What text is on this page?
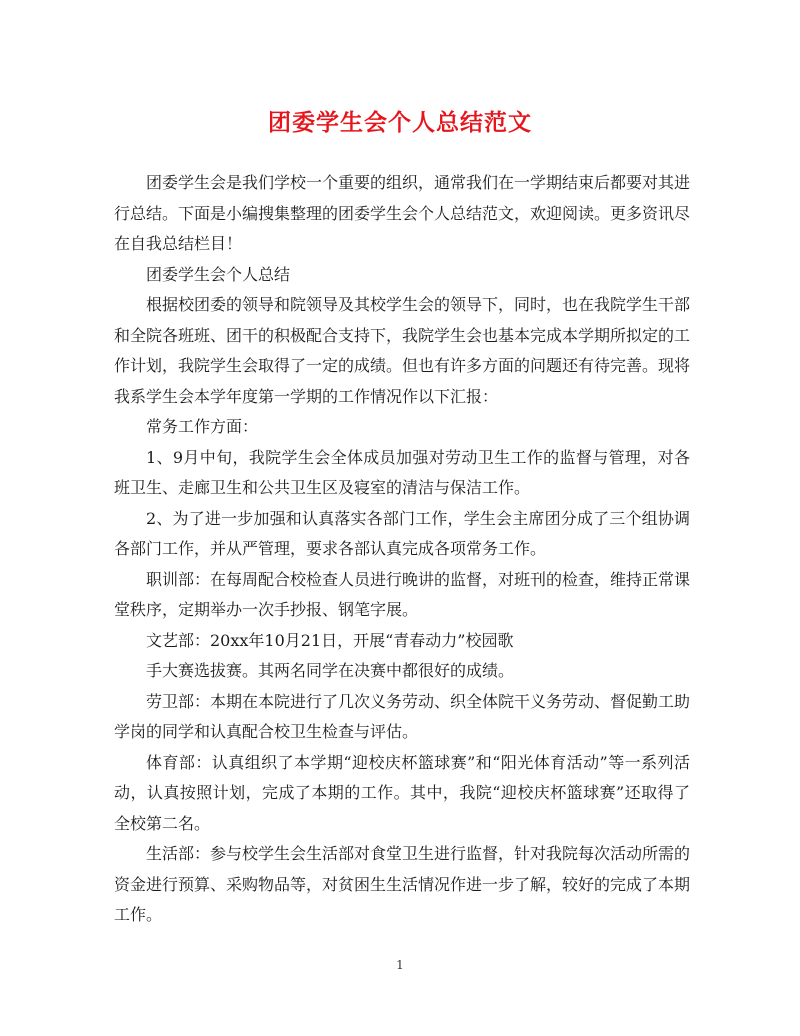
团委学生会个人总结范文

团委学生会是我们学校一个重要的组织，通常我们在一学期结束后都要对其进行总结。下面是小编搜集整理的团委学生会个人总结范文，欢迎阅读。更多资讯尽在自我总结栏目！

团委学生会个人总结

根据校团委的领导和院领导及其校学生会的领导下，同时，也在我院学生干部和全院各班班、团干的积极配合支持下，我院学生会也基本完成本学期所拟定的工作计划，我院学生会取得了一定的成绩。但也有许多方面的问题还有待完善。现将我系学生会本学年度第一学期的工作情况作以下汇报：

常务工作方面：

1、9月中旬，我院学生会全体成员加强对劳动卫生工作的监督与管理，对各班卫生、走廊卫生和公共卫生区及寝室的清洁与保洁工作。

2、为了进一步加强和认真落实各部门工作，学生会主席团分成了三个组协调各部门工作，并从严管理，要求各部认真完成各项常务工作。

职训部：在每周配合校检查人员进行晚讲的监督，对班刊的检查，维持正常课堂秩序，定期举办一次手抄报、钢笔字展。

文艺部：20xx年10月21日，开展“青春动力”校园歌

手大赛选拔赛。其两名同学在决赛中都很好的成绩。

劳卫部：本期在本院进行了几次义务劳动、织全体院干义务劳动、督促勤工助学岗的同学和认真配合校卫生检查与评估。

体育部：认真组织了本学期“迎校庆杯篮球赛”和“阳光体育活动”等一系列活动，认真按照计划，完成了本期的工作。其中，我院“迎校庆杯篮球赛”还取得了全校第二名。

生活部：参与校学生会生活部对食堂卫生进行监督，针对我院每次活动所需的资金进行预算、采购物品等，对贫困生生活情况作进一步了解，较好的完成了本期工作。

1
